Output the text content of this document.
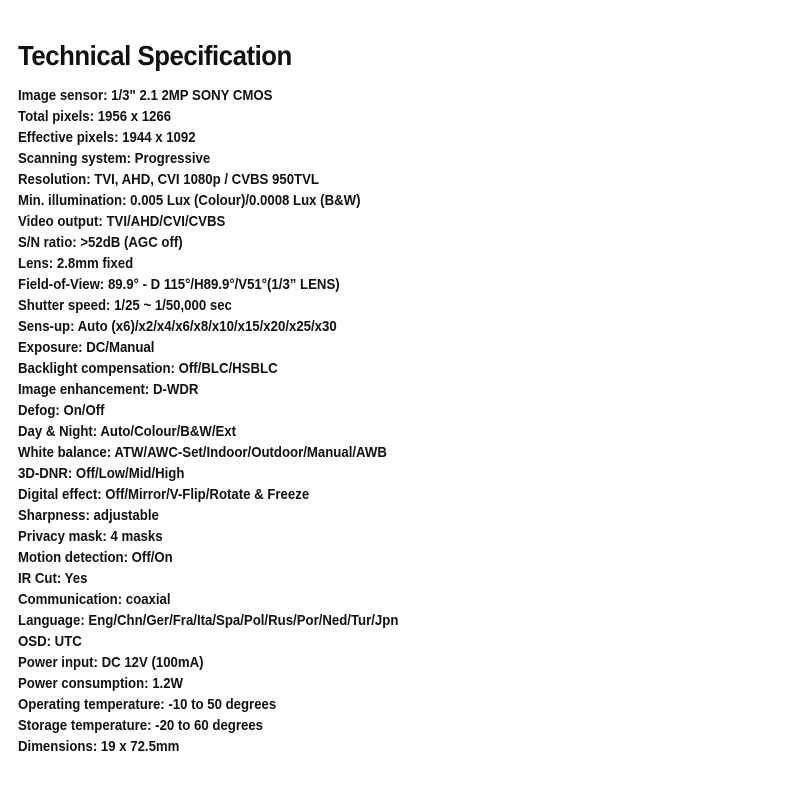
Technical Specification
Image sensor: 1/3" 2.1 2MP SONY CMOS
Total pixels: 1956 x 1266
Effective pixels: 1944 x 1092
Scanning system: Progressive
Resolution: TVI, AHD, CVI 1080p / CVBS 950TVL
Min. illumination: 0.005 Lux (Colour)/0.0008 Lux (B&W)
Video output: TVI/AHD/CVI/CVBS
S/N ratio: >52dB (AGC off)
Lens: 2.8mm fixed
Field-of-View: 89.9° - D 115°/H89.9°/V51°(1/3” LENS)
Shutter speed: 1/25 ~ 1/50,000 sec
Sens-up: Auto (x6)/x2/x4/x6/x8/x10/x15/x20/x25/x30
Exposure: DC/Manual
Backlight compensation: Off/BLC/HSBLC
Image enhancement: D-WDR
Defog: On/Off
Day & Night: Auto/Colour/B&W/Ext
White balance: ATW/AWC-Set/Indoor/Outdoor/Manual/AWB
3D-DNR: Off/Low/Mid/High
Digital effect: Off/Mirror/V-Flip/Rotate & Freeze
Sharpness: adjustable
Privacy mask: 4 masks
Motion detection: Off/On
IR Cut: Yes
Communication: coaxial
Language: Eng/Chn/Ger/Fra/Ita/Spa/Pol/Rus/Por/Ned/Tur/Jpn
OSD: UTC
Power input: DC 12V (100mA)
Power consumption: 1.2W
Operating temperature: -10 to 50 degrees
Storage temperature: -20 to 60 degrees
Dimensions: 19 x 72.5mm
